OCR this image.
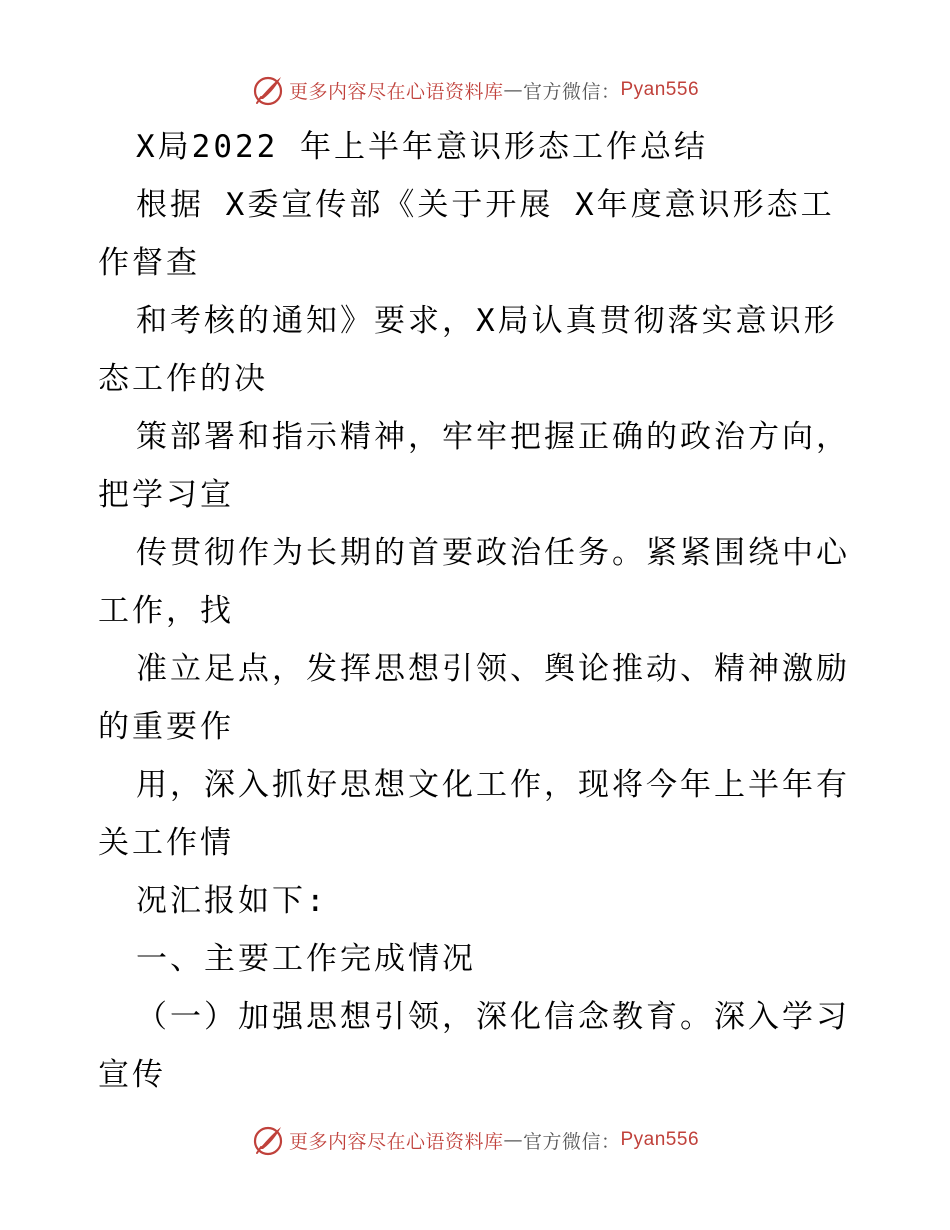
更多内容尽在心语资料库 — 官方微信： Pyan556
X局2022 年上半年意识形态工作总结
根据 X委宣传部《关于开展 X年度意识形态工
作督查
和考核的通知》要求，X局认真贯彻落实意识形
态工作的决
策部署和指示精神，牢牢把握正确的政治方向，
把学习宣
传贯彻作为长期的首要政治任务。紧紧围绕中心
工作，找
准立足点，发挥思想引领、舆论推动、精神激励
的重要作
用，深入抓好思想文化工作，现将今年上半年有
关工作情
况汇报如下:
一、主要工作完成情况
（一）加强思想引领，深化信念教育。深入学习
宣传
更多内容尽在心语资料库 — 官方微信： Pyan556
